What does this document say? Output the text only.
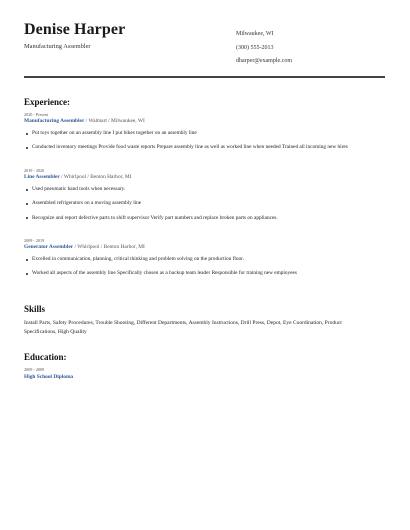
Denise Harper
Manufacturing Assembler
Milwaukee, WI
(300) 555-2013
dharper@example.com
Experience:
2020 - Present
Manufacturing Assembler / Walmart / Milwaukee, WI
Put toys together on an assembly line I put bikes together on an assembly line
Conducted inventory meetings Provide food waste reports Prepare assembly line as well as worked line when needed Trained all incoming new hires
2019 - 2020
Line Assembler / Whirlpool / Benton Harbor, MI
Used pneumatic hand tools when necessary.
Assembled refrigerators on a moving assembly line
Recognize and report defective parts to shift supervisor Verify part numbers and replace broken parts on appliances.
2009 - 2019
Generator Assembler / Whirlpool / Benton Harbor, MI
Excelled in communication, planning, critical thinking and problem solving on the production floor.
Worked all aspects of the assembly line Specifically chosen as a backup team leader Responsible for training new employees
Skills
Install Parts, Safety Procedures, Trouble Shooting, Different Departments, Assembly Instructions, Drill Press, Depot, Eye Coordination, Product Specifications, High Quality
Education:
2009 - 2009
High School Diploma
